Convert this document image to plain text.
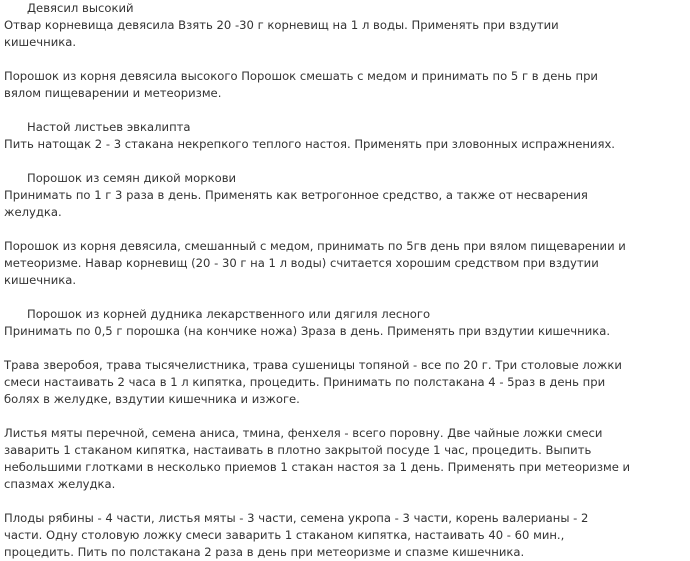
Девясил высокий
Отвар корневища девясила Взять 20 -30 г корневищ на 1 л воды. Применять при вздутии
кишечника.
Порошок из корня девясила высокого Порошок смешать с медом и принимать по 5 г в день при
вялом пищеварении и метеоризме.
Настой листьев эвкалипта
Пить натощак 2 - 3 стакана некрепкого теплого настоя. Применять при зловонных испражнениях.
Порошок из семян дикой моркови
Принимать по 1 г 3 раза в день. Применять как ветрогонное средство, а также от несварения
желудка.
Порошок из корня девясила, смешанный с медом, принимать по 5гв день при вялом пищеварении и
метеоризме. Навар корневищ (20 - 30 г на 1 л воды) считается хорошим средством при вздутии
кишечника.
Порошок из корней дудника лекарственного или дягиля лесного
Принимать по 0,5 г порошка (на кончике ножа) Зраза в день. Применять при вздутии кишечника.
Трава зверобоя, трава тысячелистника, трава сушеницы топяной - все по 20 г. Три столовые ложки
смеси настаивать 2 часа в 1 л кипятка, процедить. Принимать по полстакана 4 - 5раз в день при
болях в желудке, вздутии кишечника и изжоге.
Листья мяты перечной, семена аниса, тмина, фенхеля - всего поровну. Две чайные ложки смеси
заварить 1 стаканом кипятка, настаивать в плотно закрытой посуде 1 час, процедить. Выпить
небольшими глотками в несколько приемов 1 стакан настоя за 1 день. Применять при метеоризме и
спазмах желудка.
Плоды рябины - 4 части, листья мяты - 3 части, семена укропа - 3 части, корень валерианы - 2
части. Одну столовую ложку смеси заварить 1 стаканом кипятка, настаивать 40 - 60 мин.,
процедить. Пить по полстакана 2 раза в день при метеоризме и спазме кишечника.
